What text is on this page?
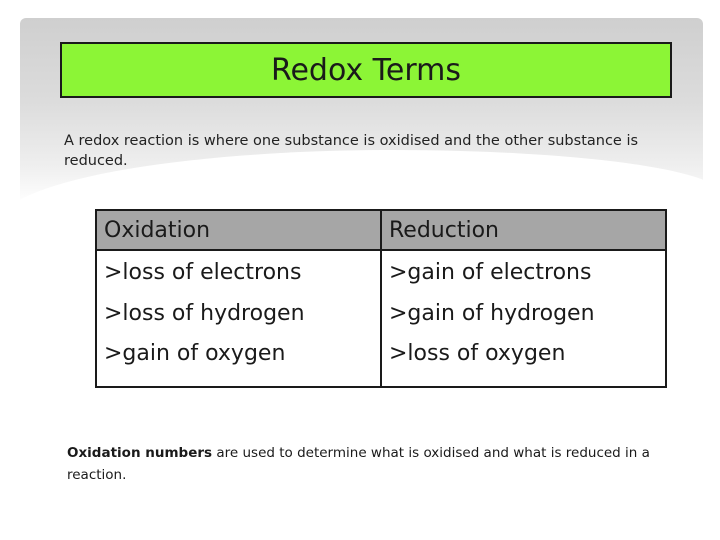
Redox Terms

A redox reaction is where one substance is oxidised and the other substance is reduced.

Oxidation
>loss of electrons
>loss of hydrogen
>gain of oxygen
Reduction
>gain of electrons
>gain of hydrogen
>loss of oxygen

Oxidation numbers are used to determine what is oxidised and what is reduced in a reaction.
